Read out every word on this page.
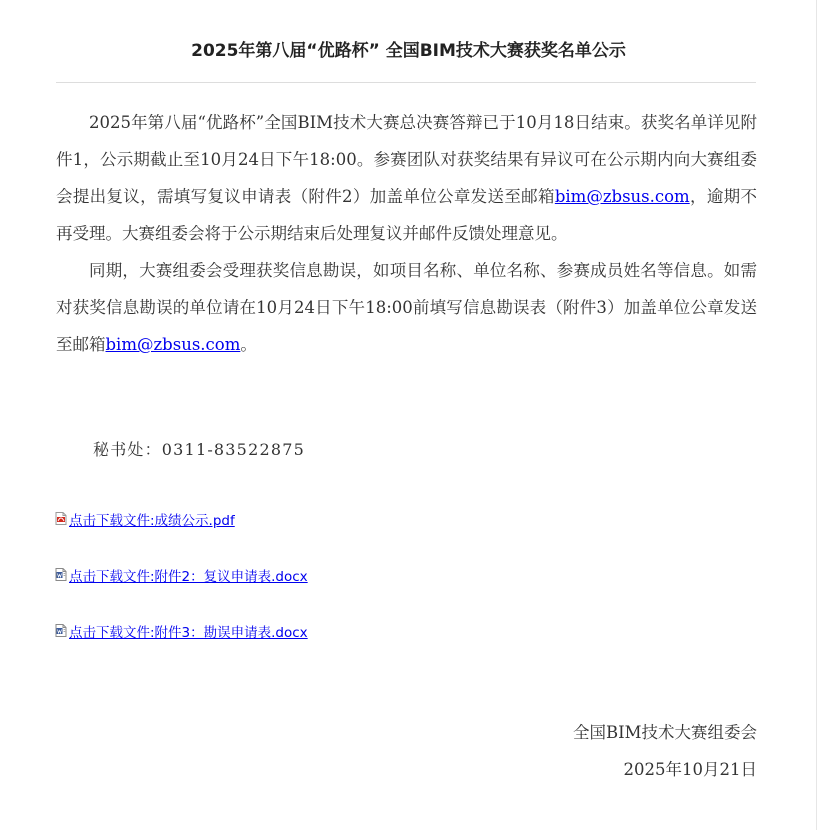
2025年第八届“优路杯” 全国BIM技术大赛获奖名单公示

2025年第八届“优路杯”全国BIM技术大赛总决赛答辩已于10月18日结束。获奖名单详见附件1，公示期截止至10月24日下午18:00。参赛团队对获奖结果有异议可在公示期内向大赛组委会提出复议，需填写复议申请表（附件2）加盖单位公章发送至邮箱bim@zbsus.com，逾期不再受理。大赛组委会将于公示期结束后处理复议并邮件反馈处理意见。

同期，大赛组委会受理获奖信息勘误，如项目名称、单位名称、参赛成员姓名等信息。如需对获奖信息勘误的单位请在10月24日下午18:00前填写信息勘误表（附件3）加盖单位公章发送至邮箱bim@zbsus.com。

秘书处：0311-83522875
点击下载文件:成绩公示.pdf
点击下载文件:附件2：复议申请表.docx
点击下载文件:附件3：勘误申请表.docx
全国BIM技术大赛组委会
2025年10月21日
